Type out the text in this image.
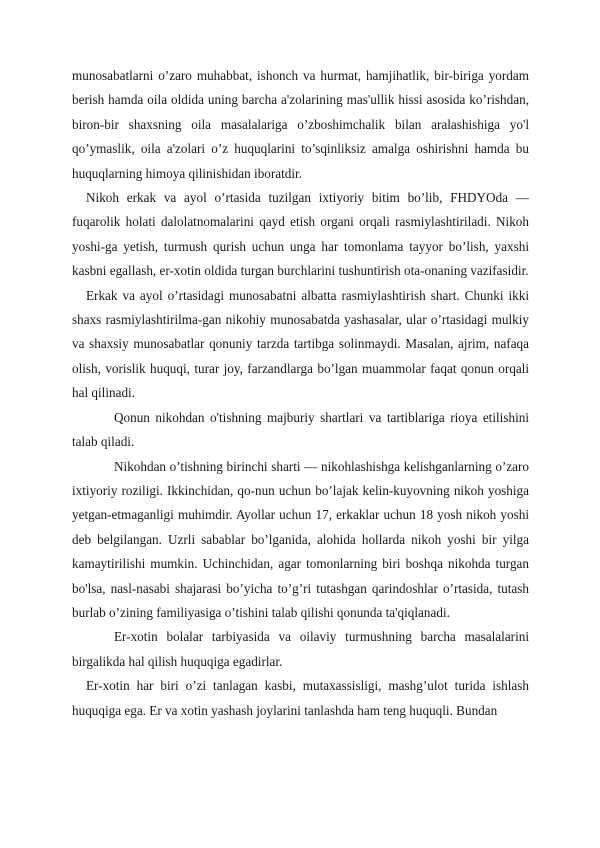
munosabatlarni o’zaro muhabbat, ishonch va hurmat, hamjihatlik, bir-biriga yordam berish hamda oila oldida uning barcha a'zolarining mas'ullik hissi asosida ko’rishdan, biron-bir shaxsning oila masalalariga o’zboshimchalik bilan aralashishiga yo'l qo’ymaslik, oila a'zolari o’z huquqlarini to’sqinliksiz amalga oshirishni hamda bu huquqlarning himoya qilinishidan iboratdir.

Nikoh erkak va ayol o’rtasida tuzilgan ixtiyoriy bitim bo’lib, FHDYOda — fuqarolik holati dalolatnomalarini qayd etish organi orqali rasmiylashtiriladi. Nikoh yoshi-ga yetish, turmush qurish uchun unga har tomonlama tayyor bo’lish, yaxshi kasbni egallash, er-xotin oldida turgan burchlarini tushuntirish ota-onaning vazifasidir.

Erkak va ayol o’rtasidagi munosabatni albatta rasmiylashtirish shart. Chunki ikki shaxs rasmiylashtirilma-gan nikohiy munosabatda yashasalar, ular o’rtasidagi mulkiy va shaxsiy munosabatlar qonuniy tarzda tartibga solinmaydi. Masalan, ajrim, nafaqa olish, vorislik huquqi, turar joy, farzandlarga bo’lgan muammolar faqat qonun orqali hal qilinadi.

Qonun nikohdan o'tishning majburiy shartlari va tartiblariga rioya etilishini talab qiladi.

Nikohdan o’tishning birinchi sharti — nikohlashishga kelishganlarning o’zaro ixtiyoriy roziligi. Ikkinchidan, qo-nun uchun bo’lajak kelin-kuyovning nikoh yoshiga yetgan-etmaganligi muhimdir. Ayollar uchun 17, erkaklar uchun 18 yosh nikoh yoshi deb belgilangan. Uzrli sabablar bo’lganida, alohida hollarda nikoh yoshi bir yilga kamaytirilishi mumkin. Uchinchidan, agar tomonlarning biri boshqa nikohda turgan bo'lsa, nasl-nasabi shajarasi bo’yicha to’g’ri tutashgan qarindoshlar o’rtasida, tutash burlab o’zining familiyasiga o’tishini talab qilishi qonunda ta'qiqlanadi.

Er-xotin bolalar tarbiyasida va oilaviy turmushning barcha masalalarini birgalikda hal qilish huquqiga egadirlar.

Er-xotin har biri o’zi tanlagan kasbi, mutaxassisligi, mashg’ulot turida ishlash huquqiga ega. Er va xotin yashash joylarini tanlashda ham teng huquqli. Bundan
